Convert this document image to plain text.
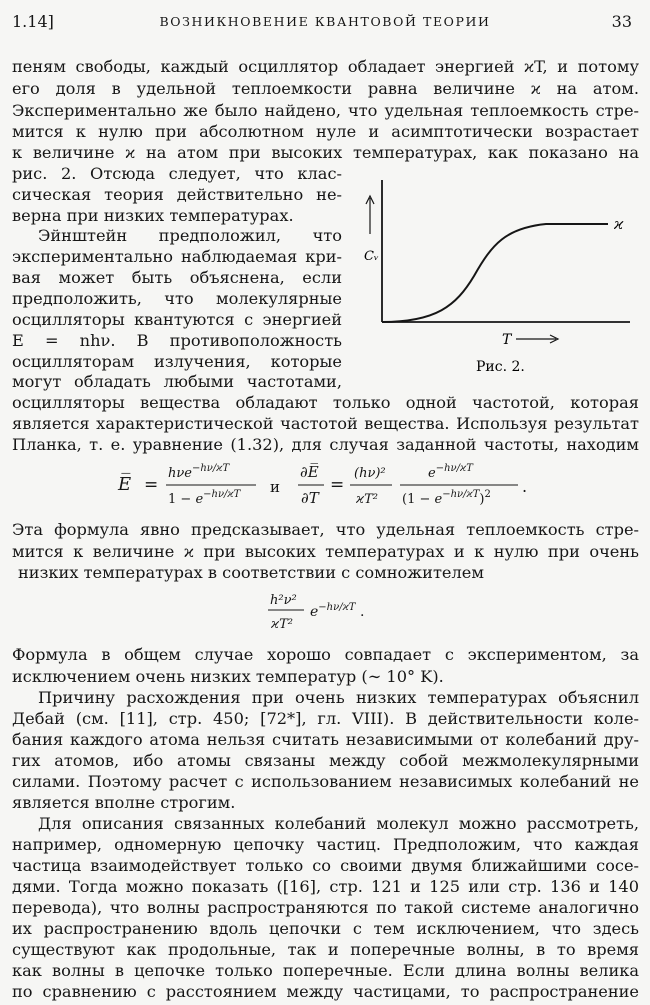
1.14]	ВОЗНИКНОВЕНИЕ КВАНТОВОЙ ТЕОРИИ	33
пеням свободы, каждый осциллятор обладает энергией ϰT, и потому
его доля в удельной теплоемкости равна величине ϰ на атом.
Экспериментально же было найдено, что удельная теплоемкость стре-
мится к нулю при абсолютном нуле и асимптотически возрастает
к величине ϰ на атом при высоких температурах, как показано на
рис. 2. Отсюда следует, что клас-
сическая теория действительно не-
верна при низких температурах.
Эйнштейн предположил, что
экспериментально наблюдаемая кри-
вая может быть объяснена, если
предположить, что молекулярные
осцилляторы квантуются с энергией
E = nhν. В противоположность
осцилляторам излучения, которые
могут обладать любыми частотами,
осцилляторы вещества обладают только одной частотой, которая
является характеристической частотой вещества. Используя результат
Планка, т. е. уравнение (1.32), для случая заданной частоты, находим
Cᵥ
ϰ
T
Рис. 2.
E̅ =
hνe$^{-h\nu/ϰT}$
$1 - e^{-h\nu/ϰT}$ и
∂E̅
∂T
=
(hν)²
ϰT²
$e^{-h\nu/ϰT}$
$(1 - e^{-h\nu/ϰT})^2$ .
Эта формула явно предсказывает, что удельная теплоемкость стре-
мится к величине ϰ при высоких температурах и к нулю при очень
низких температурах в соответствии с сомножителем
h²ν²
ϰT²
$e^{-h\nu/ϰT}$ .
Формула в общем случае хорошо совпадает с экспериментом, за
исключением очень низких температур (∼ 10° K).
Причину расхождения при очень низких температурах объяснил
Дебай (см. [11], стр. 450; [72*], гл. VIII). В действительности коле-
бания каждого атома нельзя считать независимыми от колебаний дру-
гих атомов, ибо атомы связаны между собой межмолекулярными
силами. Поэтому расчет с использованием независимых колебаний не
является вполне строгим.
Для описания связанных колебаний молекул можно рассмотреть,
например, одномерную цепочку частиц. Предположим, что каждая
частица взаимодействует только со своими двумя ближайшими сосе-
дями. Тогда можно показать ([16], стр. 121 и 125 или стр. 136 и 140
перевода), что волны распространяются по такой системе аналогично
их распространению вдоль цепочки с тем исключением, что здесь
существуют как продольные, так и поперечные волны, в то время
как волны в цепочке только поперечные. Если длина волны велика
по сравнению с расстоянием между частицами, то распространение
